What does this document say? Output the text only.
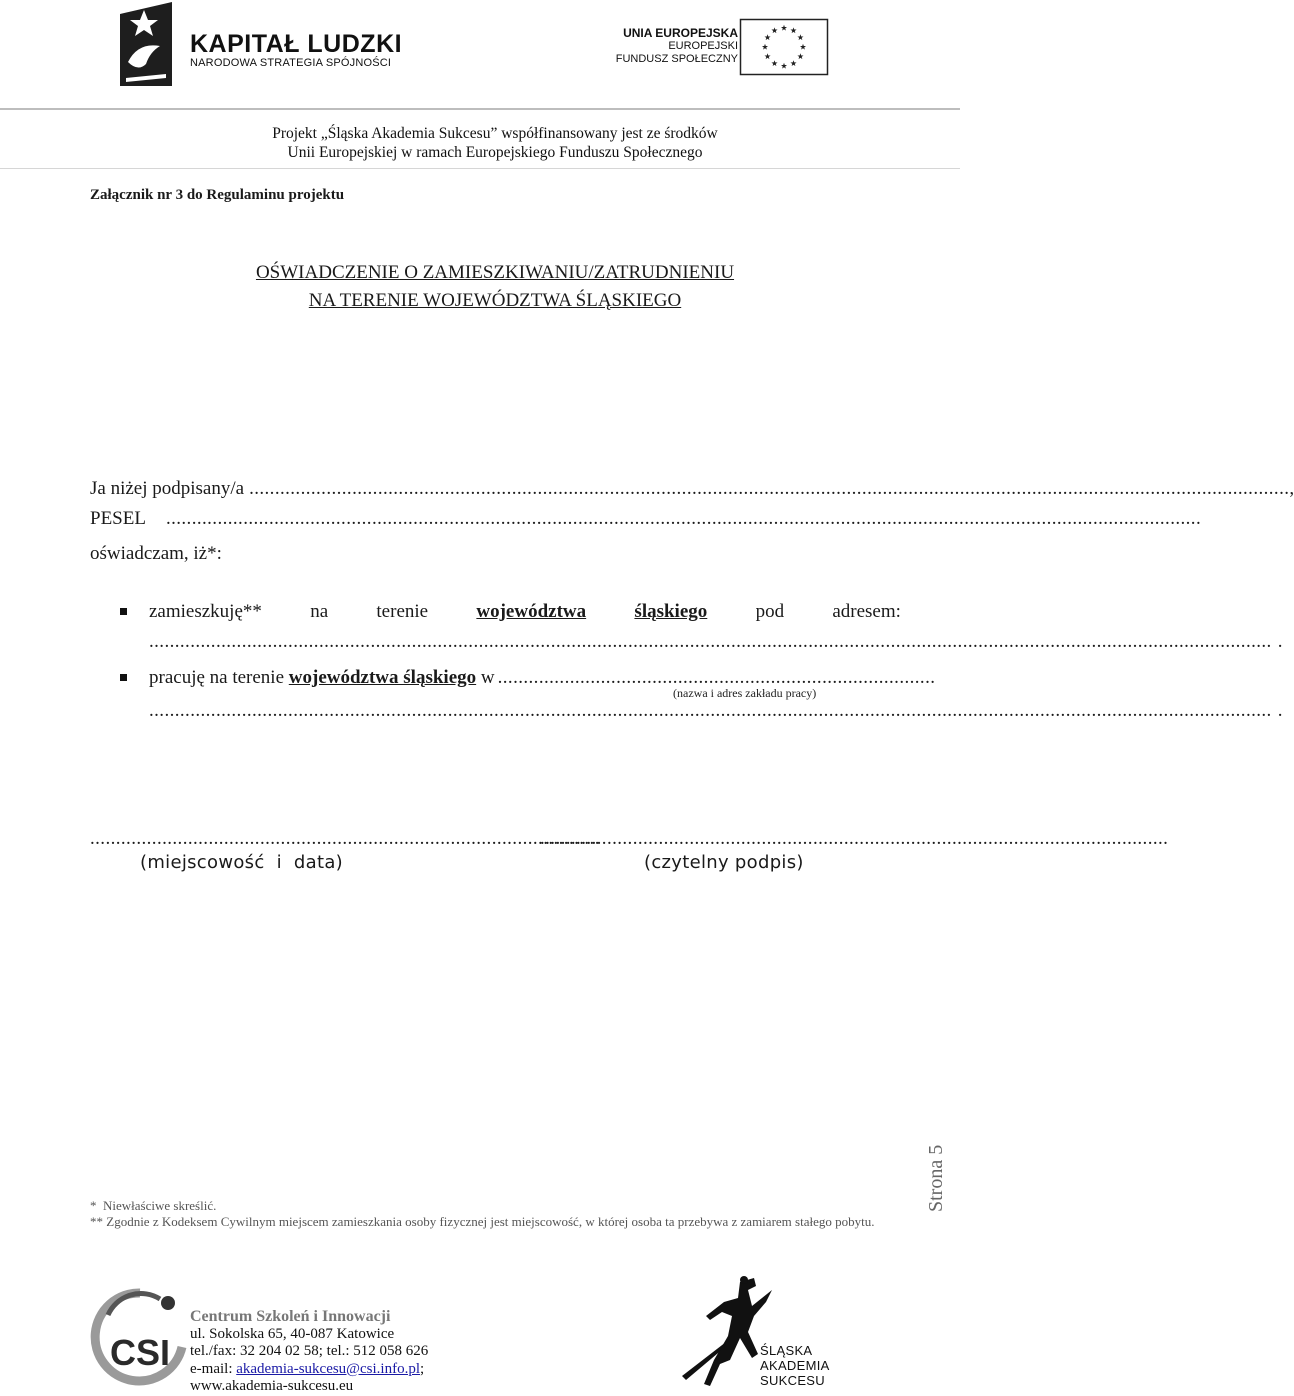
KAPITAŁ LUDZKI
NARODOWA STRATEGIA SPÓJNOŚCI
UNIA EUROPEJSKA
EUROPEJSKI
FUNDUSZ SPOŁECZNY
Projekt „Śląska Akademia Sukcesu” współfinansowany jest ze środków
Unii Europejskiej w ramach Europejskiego Funduszu Społecznego
Załącznik nr 3 do Regulaminu projektu
OŚWIADCZENIE O ZAMIESZKIWANIU/ZATRUDNIENIU
NA TERENIE WOJEWÓDZTWA ŚLĄSKIEGO
Ja niżej podpisany/a .......................................................................................................................................................................................................... ,
PESEL .........................................................................................................................................................................................................
oświadczam, iż*:
zamieszkuję**	na	terenie	województwa	śląskiego	pod	adresem:
.......................................................................................................................................................................................................................... .
pracuję na terenie województwa śląskiego w .....................................................................................
(nazwa i adres zakładu pracy)
.......................................................................................................................................................................................................................... .
...................................................................................................
..........................................................................................................................
(miejscowość  i  data)	(czytelny podpis)
*  Niewłaściwe skreślić.
** Zgodnie z Kodeksem Cywilnym miejscem zamieszkania osoby fizycznej jest miejscowość, w której osoba ta przebywa z zamiarem stałego pobytu.
Strona 5
CSI
Centrum Szkoleń i Innowacji
ul. Sokolska 65, 40-087 Katowice
tel./fax: 32 204 02 58; tel.: 512 058 626
e-mail: akademia-sukcesu@csi.info.pl;
www.akademia-sukcesu.eu
ŚLĄSKA
AKADEMIA
SUKCESU
